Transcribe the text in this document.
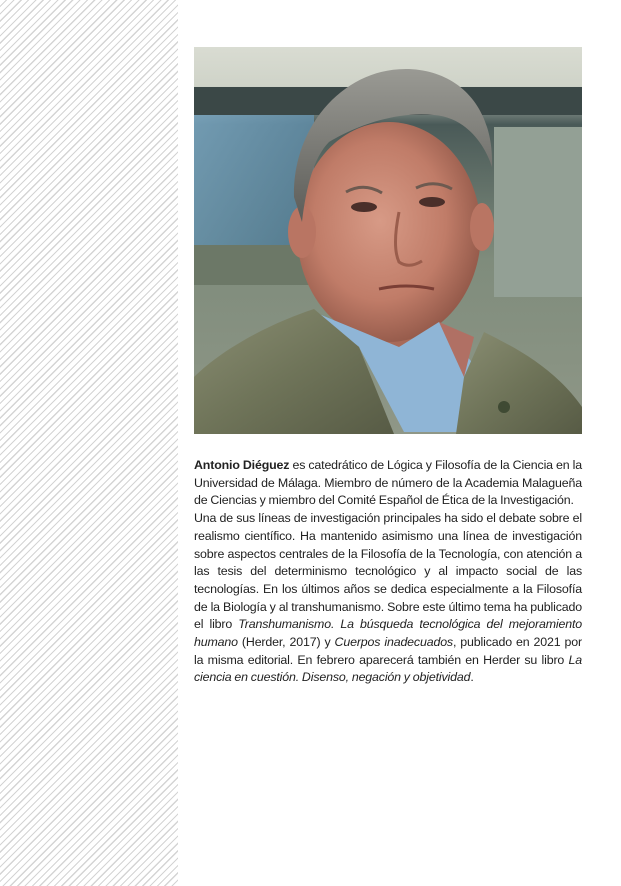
Antonio Diéguez es catedrático de Lógica y Filosofía de la Ciencia en la Universidad de Málaga. Miembro de número de la Academia Malagueña de Ciencias y miembro del Comité Español de Ética de la Investigación.

Una de sus líneas de investigación principales ha sido el debate sobre el realismo científico. Ha mantenido asimismo una línea de investigación sobre aspectos centrales de la Filosofía de la Tecnología, con atención a las tesis del determinismo tecnológico y al impacto social de las tecnologías. En los últimos años se dedica especialmente a la Filosofía de la Biología y al transhumanismo. Sobre este último tema ha publicado el libro Transhumanismo. La búsqueda tecnológica del mejoramiento humano (Herder, 2017) y Cuerpos inadecuados, publicado en 2021 por la misma editorial. En febrero aparecerá también en Herder su libro La ciencia en cuestión. Disenso, negación y objetividad.
